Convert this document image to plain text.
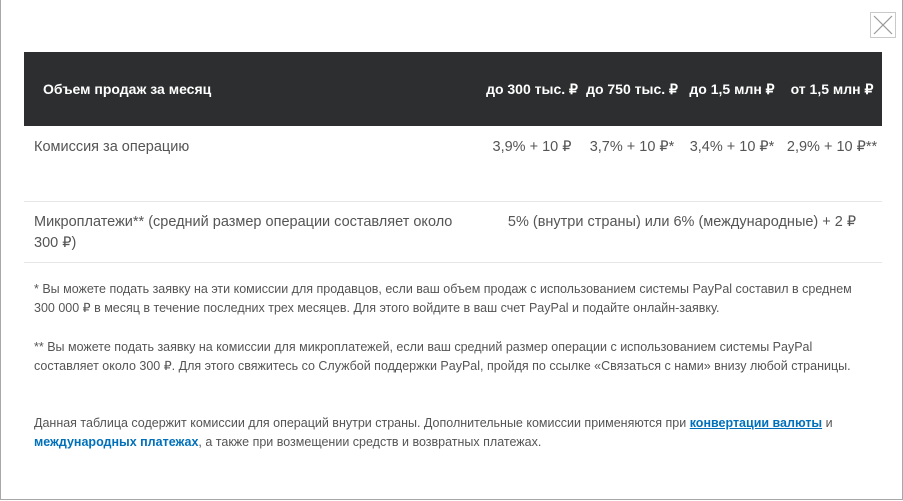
Объем продаж за месяц	до 300 тыс. ₽	до 750 тыс. ₽	до 1,5 млн ₽	от 1,5 млн ₽
Комиссия за операцию	3,9% + 10 ₽	3,7% + 10 ₽*	3,4% + 10 ₽*	2,9% + 10 ₽**
Микроплатежи** (средний размер операции составляет около 300 ₽)	5% (внутри страны) или 6% (международные) + 2 ₽			
* Вы можете подать заявку на эти комиссии для продавцов, если ваш объем продаж с использованием системы PayPal составил в среднем 300 000 ₽ в месяц в течение последних трех месяцев. Для этого войдите в ваш счет PayPal и подайте онлайн-заявку.
** Вы можете подать заявку на комиссии для микроплатежей, если ваш средний размер операции с использованием системы PayPal составляет около 300 ₽. Для этого свяжитесь со Службой поддержки PayPal, пройдя по ссылке «Связаться с нами» внизу любой страницы.
Данная таблица содержит комиссии для операций внутри страны. Дополнительные комиссии применяются при конвертации валюты и международных платежах, а также при возмещении средств и возвратных платежах.
